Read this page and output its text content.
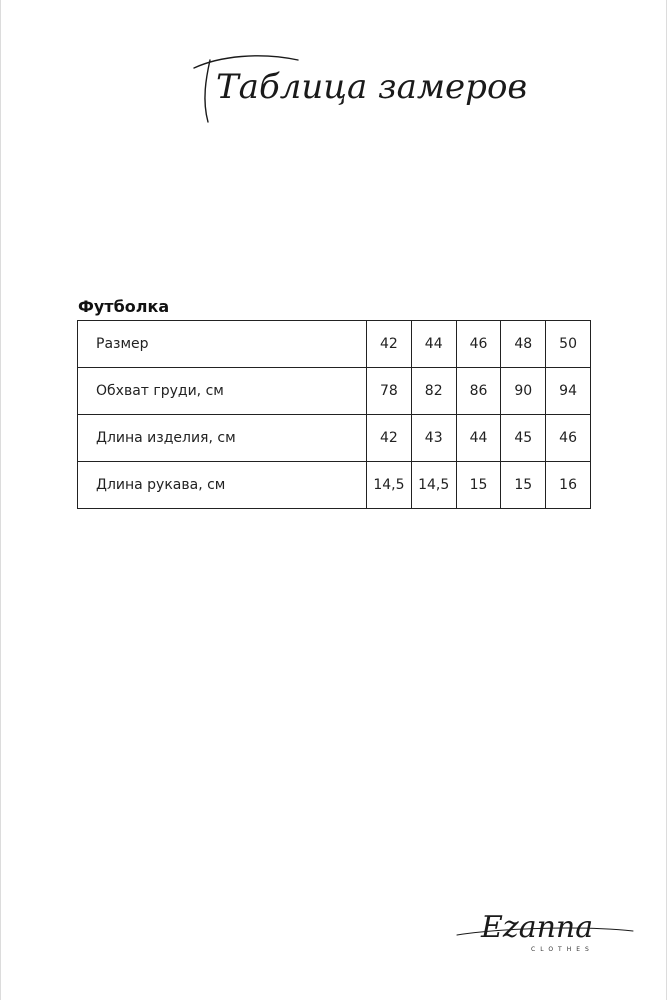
Таблица замеров
Футболка
Размер	42	44	46	48	50
Обхват груди, см	78	82	86	90	94
Длина изделия, см	42	43	44	45	46
Длина рукава, см	14,5	14,5	15	15	16
Ezanna
CLOTHES
